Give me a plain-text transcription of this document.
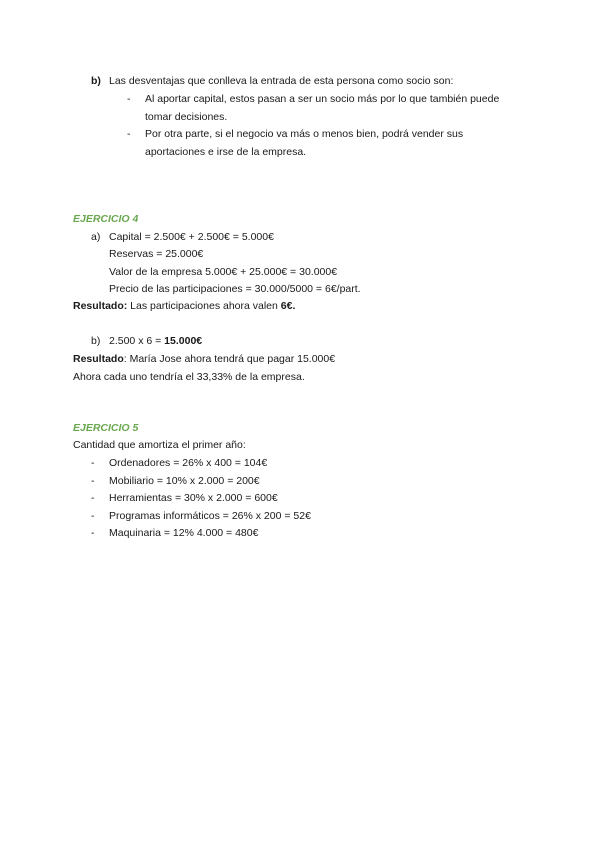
b) Las desventajas que conlleva la entrada de esta persona como socio son:
- Al aportar capital, estos pasan a ser un socio más por lo que también puede
tomar decisiones.
- Por otra parte, si el negocio va más o menos bien, podrá vender sus
aportaciones e irse de la empresa.
EJERCICIO 4
a) Capital = 2.500€ + 2.500€ = 5.000€
Reservas = 25.000€
Valor de la empresa 5.000€ + 25.000€ = 30.000€
Precio de las participaciones = 30.000/5000 = 6€/part.
Resultado: Las participaciones ahora valen 6€.
b) 2.500 x 6 = 15.000€
Resultado: María Jose ahora tendrá que pagar 15.000€
Ahora cada uno tendría el 33,33% de la empresa.
EJERCICIO 5
Cantidad que amortiza el primer año:
- Ordenadores = 26% x 400 = 104€
- Mobiliario = 10% x 2.000 = 200€
- Herramientas = 30% x 2.000 = 600€
- Programas informáticos = 26% x 200 = 52€
- Maquinaria = 12% 4.000 = 480€
